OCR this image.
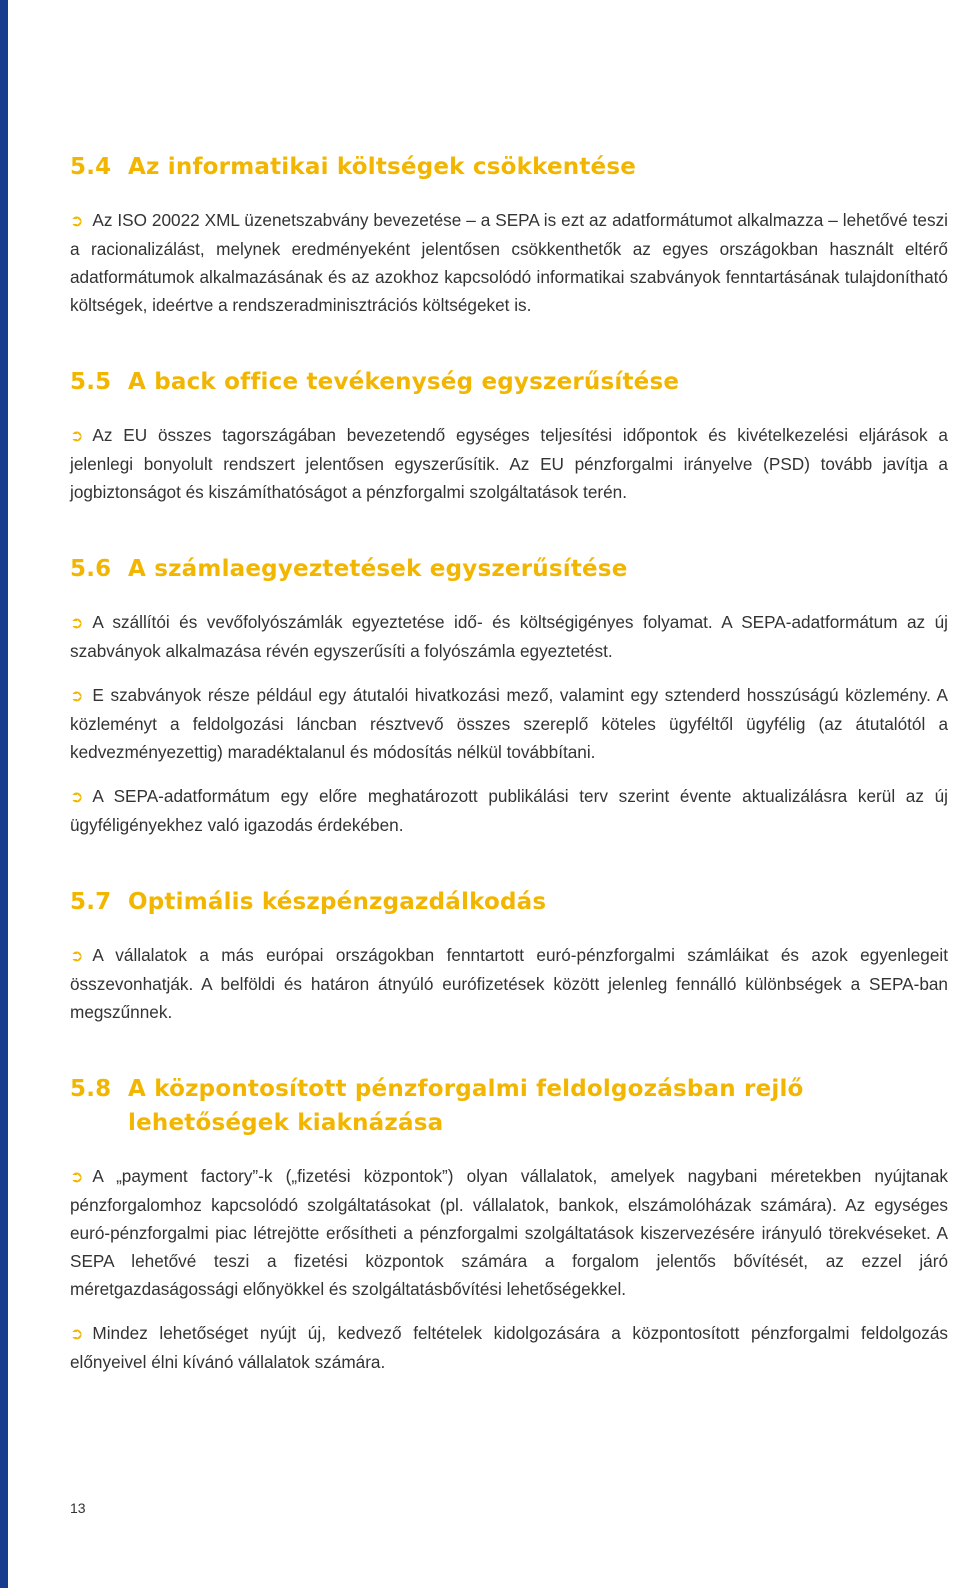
5.4 Az informatikai költségek csökkentése

➲ Az ISO 20022 XML üzenetszabvány bevezetése – a SEPA is ezt az adatformátumot alkalmazza – lehetővé teszi a racionalizálást, melynek eredményeként jelentősen csökkenthetők az egyes országokban használt eltérő adatformátumok alkalmazásának és az azokhoz kapcsolódó informatikai szabványok fenntartásának tulajdonítható költségek, ideértve a rendszeradminisztrációs költségeket is.

5.5 A back office tevékenység egyszerűsítése

➲ Az EU összes tagországában bevezetendő egységes teljesítési időpontok és kivételkezelési eljárások a jelenlegi bonyolult rendszert jelentősen egyszerűsítik. Az EU pénzforgalmi irányelve (PSD) tovább javítja a jogbiztonságot és kiszámíthatóságot a pénzforgalmi szolgáltatások terén.

5.6 A számlaegyeztetések egyszerűsítése

➲ A szállítói és vevőfolyószámlák egyeztetése idő- és költségigényes folyamat. A SEPA-adatformátum az új szabványok alkalmazása révén egyszerűsíti a folyószámla egyeztetést.

➲ E szabványok része például egy átutalói hivatkozási mező, valamint egy sztenderd hosszúságú közlemény. A közleményt a feldolgozási láncban résztvevő összes szereplő köteles ügyféltől ügyfélig (az átutalótól a kedvezményezettig) maradéktalanul és módosítás nélkül továbbítani.

➲ A SEPA-adatformátum egy előre meghatározott publikálási terv szerint évente aktualizálásra kerül az új ügyféligényekhez való igazodás érdekében.

5.7 Optimális készpénzgazdálkodás

➲ A vállalatok a más európai országokban fenntartott euró-pénzforgalmi számláikat és azok egyenlegeit összevonhatják. A belföldi és határon átnyúló eurófizetések között jelenleg fennálló különbségek a SEPA-ban megszűnnek.

5.8 A központosított pénzforgalmi feldolgozásban rejlő lehetőségek kiaknázása

➲ A „payment factory”-k („fizetési központok”) olyan vállalatok, amelyek nagybani méretekben nyújtanak pénzforgalomhoz kapcsolódó szolgáltatásokat (pl. vállalatok, bankok, elszámolóházak számára). Az egységes euró-pénzforgalmi piac létrejötte erősítheti a pénzforgalmi szolgáltatások kiszervezésére irányuló törekvéseket. A SEPA lehetővé teszi a fizetési központok számára a forgalom jelentős bővítését, az ezzel járó méretgazdaságossági előnyökkel és szolgáltatásbővítési lehetőségekkel.

➲ Mindez lehetőséget nyújt új, kedvező feltételek kidolgozására a központosított pénzforgalmi feldolgozás előnyeivel élni kívánó vállalatok számára.

13
